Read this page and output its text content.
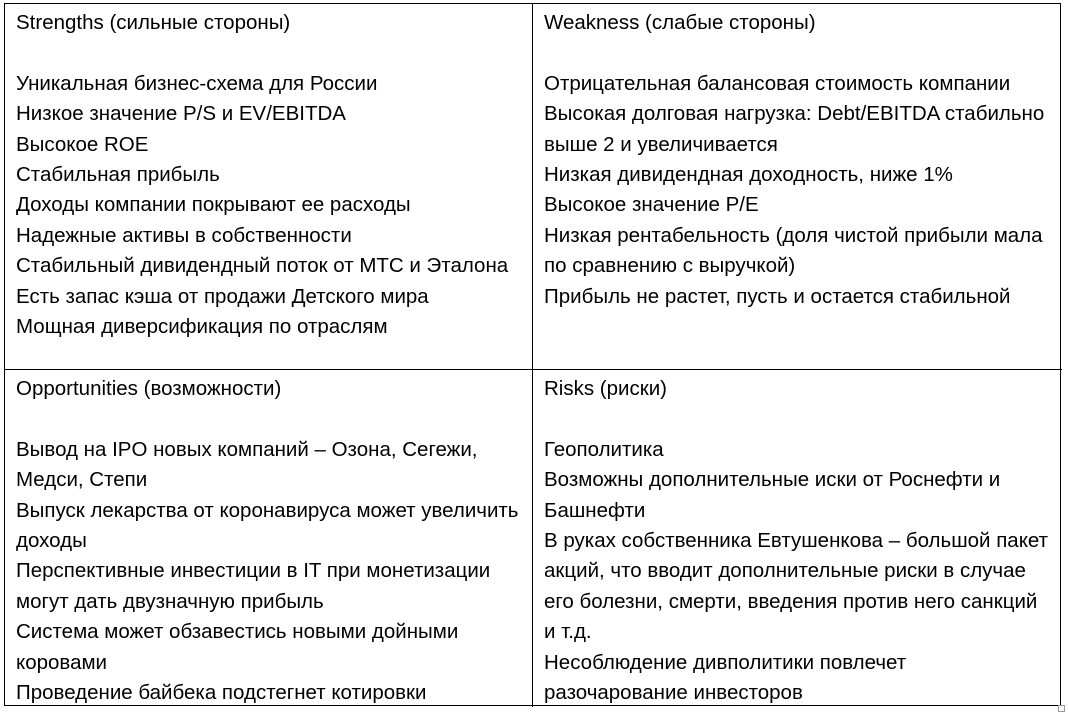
Strengths (сильные стороны)
Уникальная бизнес-схема для России
Низкое значение P/S и EV/EBITDA
Высокое ROE
Стабильная прибыль
Доходы компании покрывают ее расходы
Надежные активы в собственности
Стабильный дивидендный поток от МТС и Эталона
Есть запас кэша от продажи Детского мира
Мощная диверсификация по отраслям
Weakness (слабые стороны)
Отрицательная балансовая стоимость компании
Высокая долговая нагрузка: Debt/EBITDA стабильно выше 2 и увеличивается
Низкая дивидендная доходность, ниже 1%
Высокое значение P/E
Низкая рентабельность (доля чистой прибыли мала по сравнению с выручкой)
Прибыль не растет, пусть и остается стабильной
Opportunities (возможности)
Вывод на IPO новых компаний – Озона, Сегежи, Медси, Степи
Выпуск лекарства от коронавируса может увеличить доходы
Перспективные инвестиции в IT при монетизации могут дать двузначную прибыль
Система может обзавестись новыми дойными коровами
Проведение байбека подстегнет котировки
Risks (риски)
Геополитика
Возможны дополнительные иски от Роснефти и Башнефти
В руках собственника Евтушенкова – большой пакет акций, что вводит дополнительные риски в случае его болезни, смерти, введения против него санкций и т.д.
Несоблюдение дивполитики повлечет разочарование инвесторов
